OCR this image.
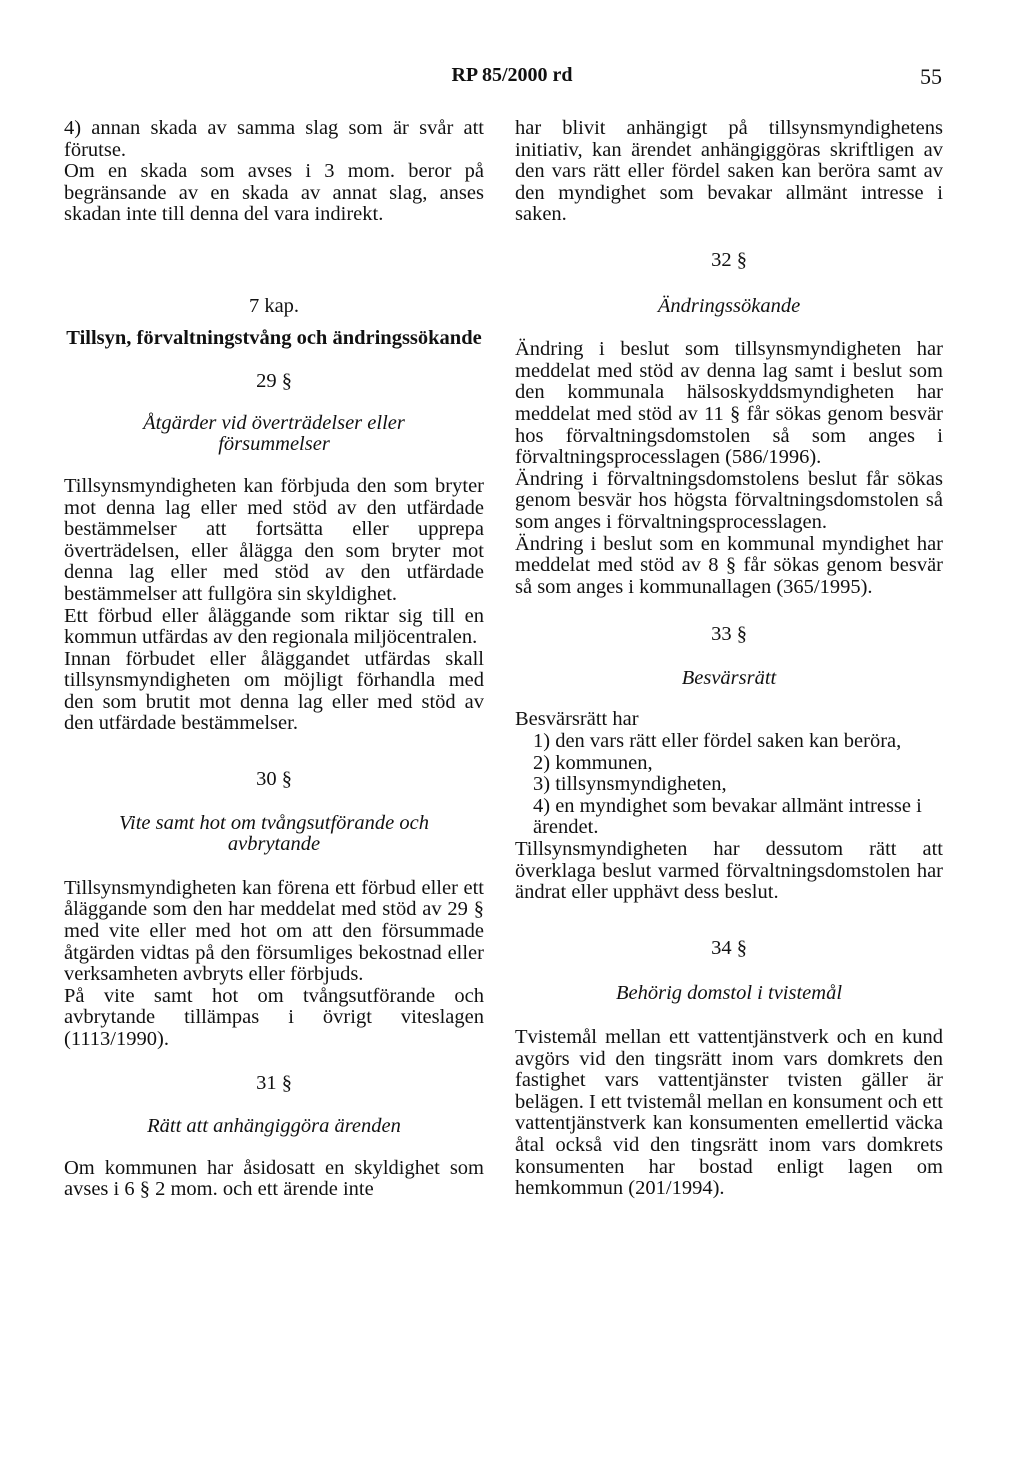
RP 85/2000 rd	55

4) annan skada av samma slag som är svår att förutse.

Om en skada som avses i 3 mom. beror på begränsande av en skada av annat slag, anses skadan inte till denna del vara indirekt.

7 kap.

Tillsyn, förvaltningstvång och ändringssökande

29 §

Åtgärder vid överträdelser eller försummelser

Tillsynsmyndigheten kan förbjuda den som bryter mot denna lag eller med stöd av den utfärdade bestämmelser att fortsätta eller upprepa överträdelsen, eller ålägga den som bryter mot denna lag eller med stöd av den utfärdade bestämmelser att fullgöra sin skyldighet.

Ett förbud eller åläggande som riktar sig till en kommun utfärdas av den regionala miljöcentralen.

Innan förbudet eller åläggandet utfärdas skall tillsynsmyndigheten om möjligt förhandla med den som brutit mot denna lag eller med stöd av den utfärdade bestämmelser.

30 §

Vite samt hot om tvångsutförande och avbrytande

Tillsynsmyndigheten kan förena ett förbud eller ett åläggande som den har meddelat med stöd av 29 § med vite eller med hot om att den försummade åtgärden vidtas på den försumliges bekostnad eller verksamheten avbryts eller förbjuds.

På vite samt hot om tvångsutförande och avbrytande tillämpas i övrigt viteslagen (1113/1990).

31 §

Rätt att anhängiggöra ärenden

Om kommunen har åsidosatt en skyldighet som avses i 6 § 2 mom. och ett ärende inte

har blivit anhängigt på tillsynsmyndighetens initiativ, kan ärendet anhängiggöras skriftligen av den vars rätt eller fördel saken kan beröra samt av den myndighet som bevakar allmänt intresse i saken.

32 §

Ändringssökande

Ändring i beslut som tillsynsmyndigheten har meddelat med stöd av denna lag samt i beslut som den kommunala hälsoskyddsmyndigheten har meddelat med stöd av 11 § får sökas genom besvär hos förvaltningsdomstolen så som anges i förvaltningsprocesslagen (586/1996).

Ändring i förvaltningsdomstolens beslut får sökas genom besvär hos högsta förvaltningsdomstolen så som anges i förvaltningsprocesslagen.

Ändring i beslut som en kommunal myndighet har meddelat med stöd av 8 § får sökas genom besvär så som anges i kommunallagen (365/1995).

33 §

Besvärsrätt

Besvärsrätt har

1) den vars rätt eller fördel saken kan beröra,

2) kommunen,

3) tillsynsmyndigheten,

4) en myndighet som bevakar allmänt intresse i ärendet.

Tillsynsmyndigheten har dessutom rätt att överklaga beslut varmed förvaltningsdomstolen har ändrat eller upphävt dess beslut.

34 §

Behörig domstol i tvistemål

Tvistemål mellan ett vattentjänstverk och en kund avgörs vid den tingsrätt inom vars domkrets den fastighet vars vattentjänster tvisten gäller är belägen. I ett tvistemål mellan en konsument och ett vattentjänstverk kan konsumenten emellertid väcka åtal också vid den tingsrätt inom vars domkrets konsumenten har bostad enligt lagen om hemkommun (201/1994).
